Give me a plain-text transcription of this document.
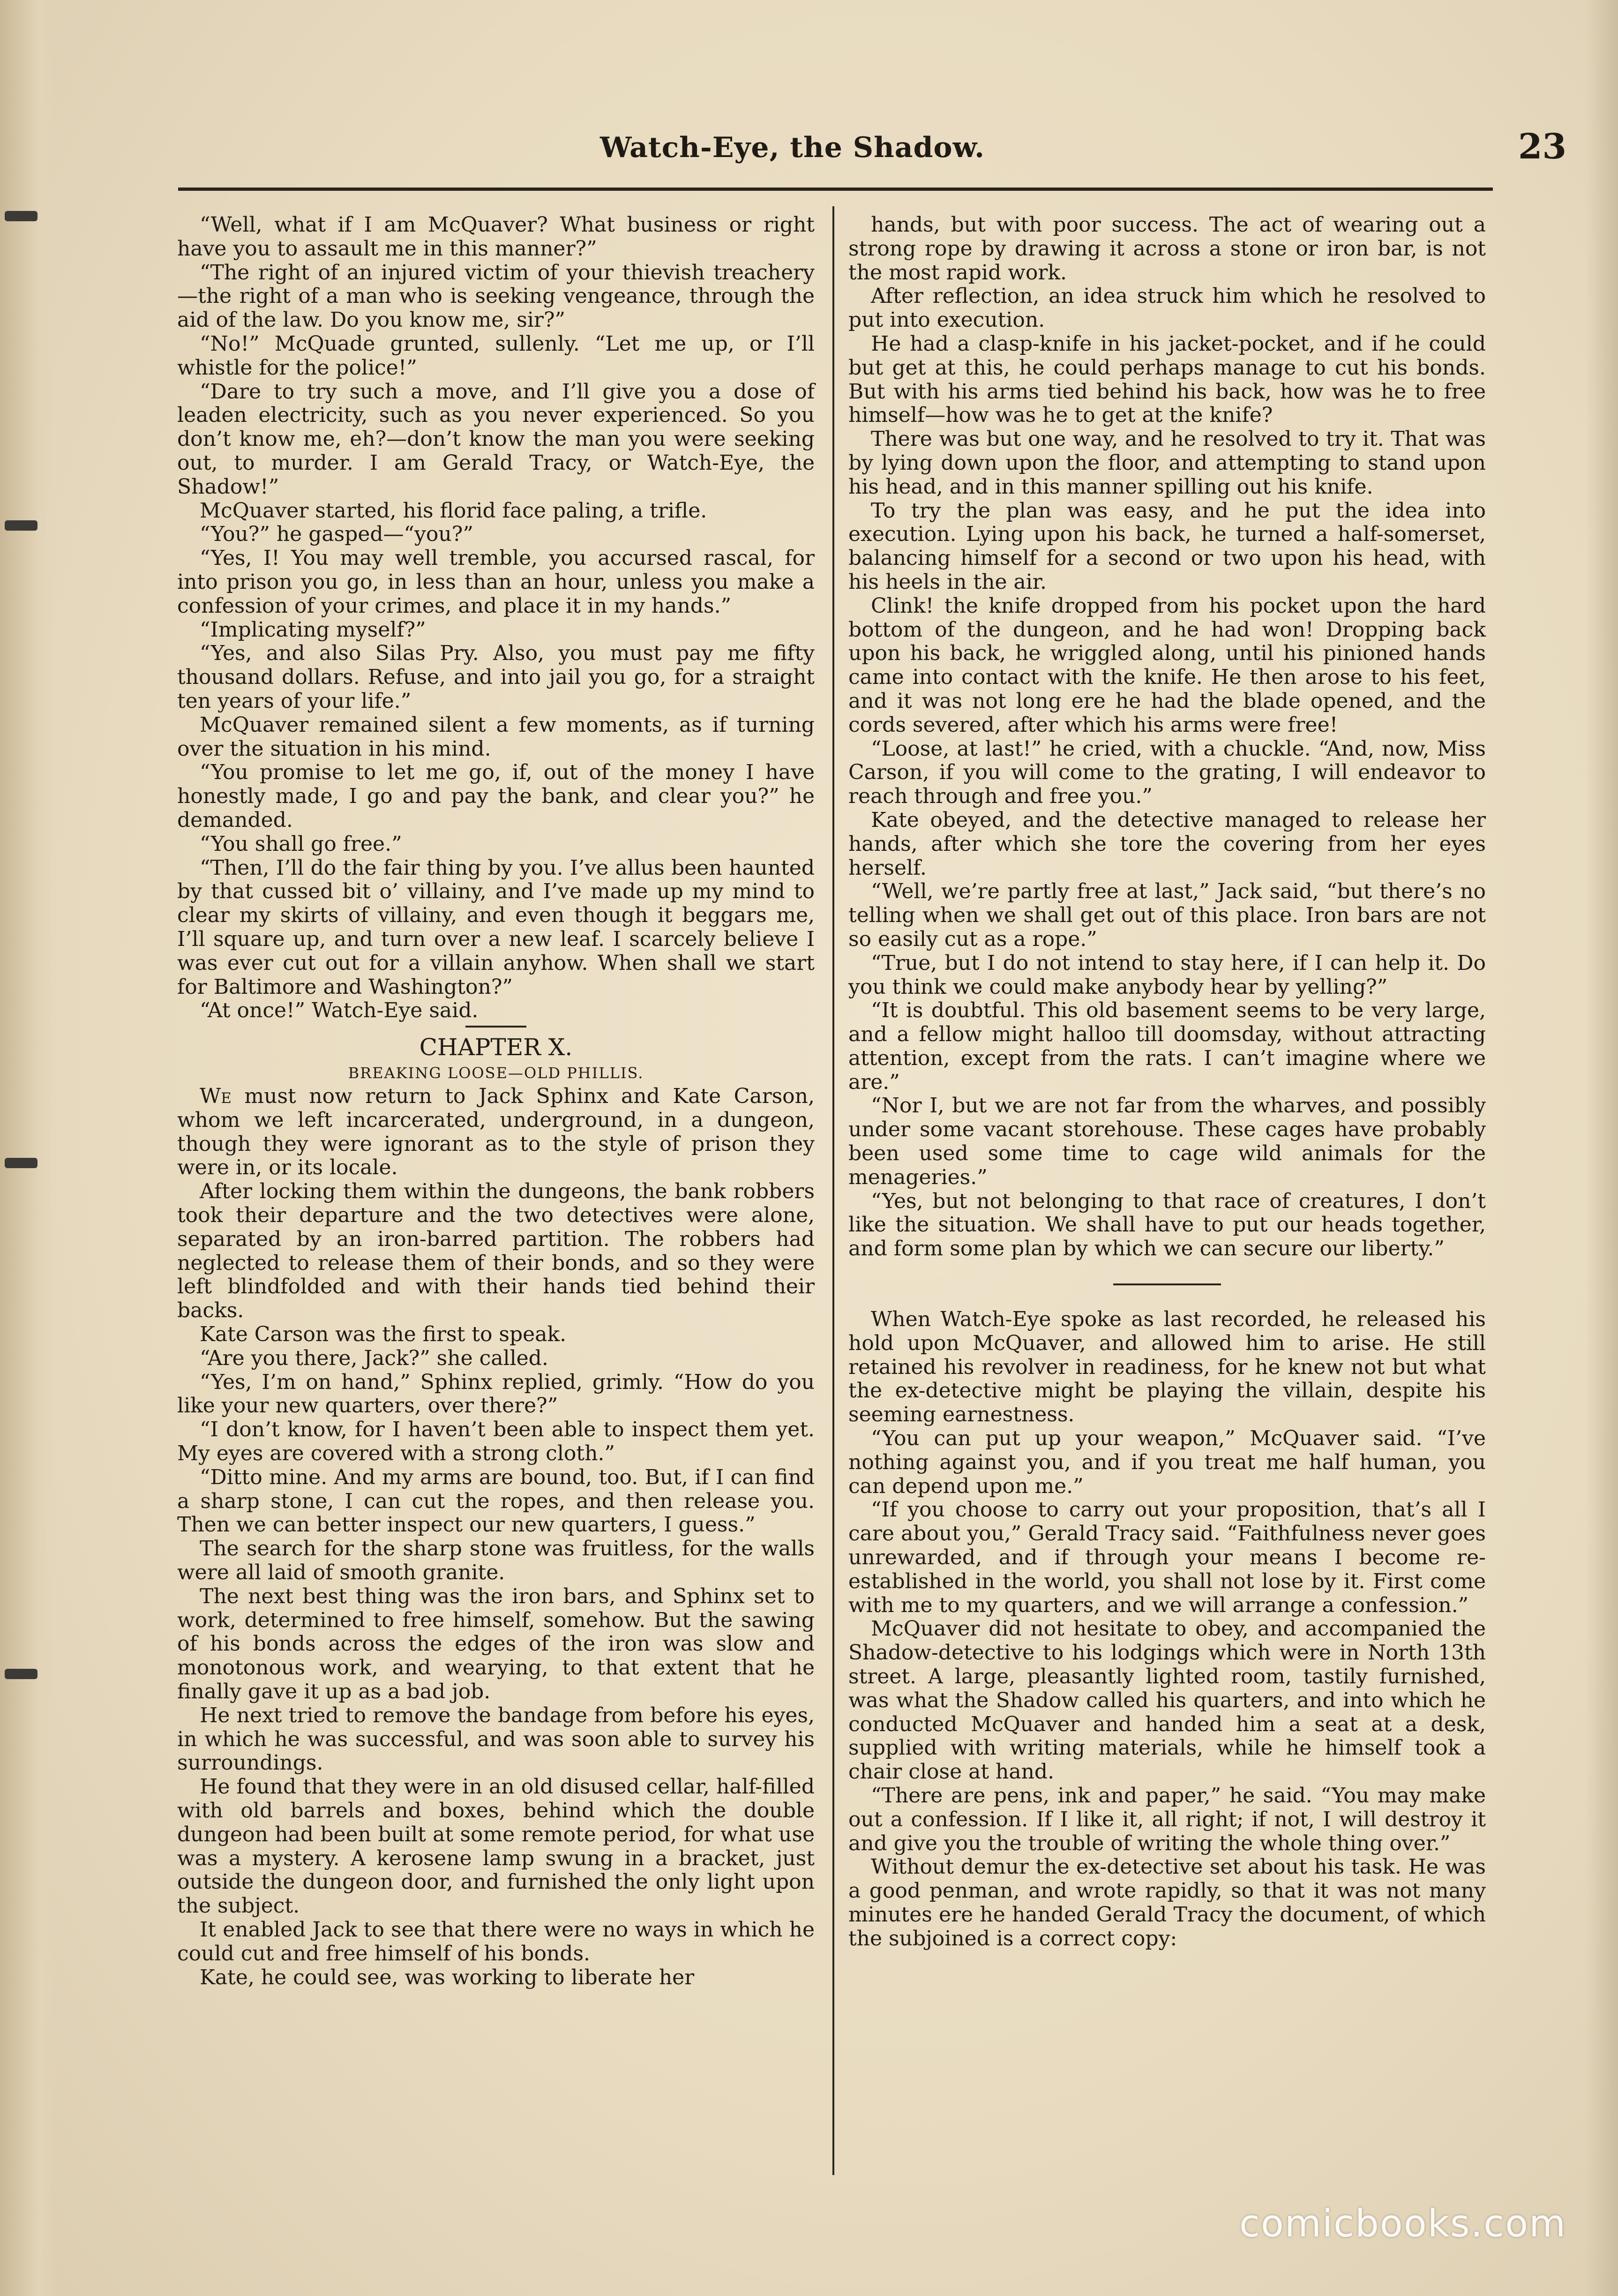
Watch-Eye, the Shadow.	23

“Well, what if I am McQuaver? What business or right have you to assault me in this manner?”

“The right of an injured victim of your thievish treachery—the right of a man who is seeking vengeance, through the aid of the law. Do you know me, sir?”

“No!” McQuade grunted, sullenly. “Let me up, or I’ll whistle for the police!”

“Dare to try such a move, and I’ll give you a dose of leaden electricity, such as you never experienced. So you don’t know me, eh?—don’t know the man you were seeking out, to murder. I am Gerald Tracy, or Watch-Eye, the Shadow!”

McQuaver started, his florid face paling, a trifle.

“You?” he gasped—“you?”

“Yes, I! You may well tremble, you accursed rascal, for into prison you go, in less than an hour, unless you make a confession of your crimes, and place it in my hands.”

“Implicating myself?”

“Yes, and also Silas Pry. Also, you must pay me fifty thousand dollars. Refuse, and into jail you go, for a straight ten years of your life.”

McQuaver remained silent a few moments, as if turning over the situation in his mind.

“You promise to let me go, if, out of the money I have honestly made, I go and pay the bank, and clear you?” he demanded.

“You shall go free.”

“Then, I’ll do the fair thing by you. I’ve allus been haunted by that cussed bit o’ villainy, and I’ve made up my mind to clear my skirts of villainy, and even though it beggars me, I’ll square up, and turn over a new leaf. I scarcely believe I was ever cut out for a villain anyhow. When shall we start for Baltimore and Washington?”

“At once!” Watch-Eye said.

CHAPTER X.
BREAKING LOOSE—OLD PHILLIS.

We must now return to Jack Sphinx and Kate Carson, whom we left incarcerated, underground, in a dungeon, though they were ignorant as to the style of prison they were in, or its locale.

After locking them within the dungeons, the bank robbers took their departure and the two detectives were alone, separated by an iron-barred partition. The robbers had neglected to release them of their bonds, and so they were left blindfolded and with their hands tied behind their backs.

Kate Carson was the first to speak.

“Are you there, Jack?” she called.

“Yes, I’m on hand,” Sphinx replied, grimly. “How do you like your new quarters, over there?”

“I don’t know, for I haven’t been able to inspect them yet. My eyes are covered with a strong cloth.”

“Ditto mine. And my arms are bound, too. But, if I can find a sharp stone, I can cut the ropes, and then release you. Then we can better inspect our new quarters, I guess.”

The search for the sharp stone was fruitless, for the walls were all laid of smooth granite.

The next best thing was the iron bars, and Sphinx set to work, determined to free himself, somehow. But the sawing of his bonds across the edges of the iron was slow and monotonous work, and wearying, to that extent that he finally gave it up as a bad job.

He next tried to remove the bandage from before his eyes, in which he was successful, and was soon able to survey his surroundings.

He found that they were in an old disused cellar, half-filled with old barrels and boxes, behind which the double dungeon had been built at some remote period, for what use was a mystery. A kerosene lamp swung in a bracket, just outside the dungeon door, and furnished the only light upon the subject.

It enabled Jack to see that there were no ways in which he could cut and free himself of his bonds.

Kate, he could see, was working to liberate her

hands, but with poor success. The act of wearing out a strong rope by drawing it across a stone or iron bar, is not the most rapid work.

After reflection, an idea struck him which he resolved to put into execution.

He had a clasp-knife in his jacket-pocket, and if he could but get at this, he could perhaps manage to cut his bonds. But with his arms tied behind his back, how was he to free himself—how was he to get at the knife?

There was but one way, and he resolved to try it. That was by lying down upon the floor, and attempting to stand upon his head, and in this manner spilling out his knife.

To try the plan was easy, and he put the idea into execution. Lying upon his back, he turned a half-somerset, balancing himself for a second or two upon his head, with his heels in the air.

Clink! the knife dropped from his pocket upon the hard bottom of the dungeon, and he had won! Dropping back upon his back, he wriggled along, until his pinioned hands came into contact with the knife. He then arose to his feet, and it was not long ere he had the blade opened, and the cords severed, after which his arms were free!

“Loose, at last!” he cried, with a chuckle. “And, now, Miss Carson, if you will come to the grating, I will endeavor to reach through and free you.”

Kate obeyed, and the detective managed to release her hands, after which she tore the covering from her eyes herself.

“Well, we’re partly free at last,” Jack said, “but there’s no telling when we shall get out of this place. Iron bars are not so easily cut as a rope.”

“True, but I do not intend to stay here, if I can help it. Do you think we could make anybody hear by yelling?”

“It is doubtful. This old basement seems to be very large, and a fellow might halloo till doomsday, without attracting attention, except from the rats. I can’t imagine where we are.”

“Nor I, but we are not far from the wharves, and possibly under some vacant storehouse. These cages have probably been used some time to cage wild animals for the menageries.”

“Yes, but not belonging to that race of creatures, I don’t like the situation. We shall have to put our heads together, and form some plan by which we can secure our liberty.”

When Watch-Eye spoke as last recorded, he released his hold upon McQuaver, and allowed him to arise. He still retained his revolver in readiness, for he knew not but what the ex-detective might be playing the villain, despite his seeming earnestness.

“You can put up your weapon,” McQuaver said. “I’ve nothing against you, and if you treat me half human, you can depend upon me.”

“If you choose to carry out your proposition, that’s all I care about you,” Gerald Tracy said. “Faithfulness never goes unrewarded, and if through your means I become re-established in the world, you shall not lose by it. First come with me to my quarters, and we will arrange a confession.”

McQuaver did not hesitate to obey, and accompanied the Shadow-detective to his lodgings which were in North 13th street. A large, pleasantly lighted room, tastily furnished, was what the Shadow called his quarters, and into which he conducted McQuaver and handed him a seat at a desk, supplied with writing materials, while he himself took a chair close at hand.

“There are pens, ink and paper,” he said. “You may make out a confession. If I like it, all right; if not, I will destroy it and give you the trouble of writing the whole thing over.”

Without demur the ex-detective set about his task. He was a good penman, and wrote rapidly, so that it was not many minutes ere he handed Gerald Tracy the document, of which the subjoined is a correct copy:

comicbooks.com
